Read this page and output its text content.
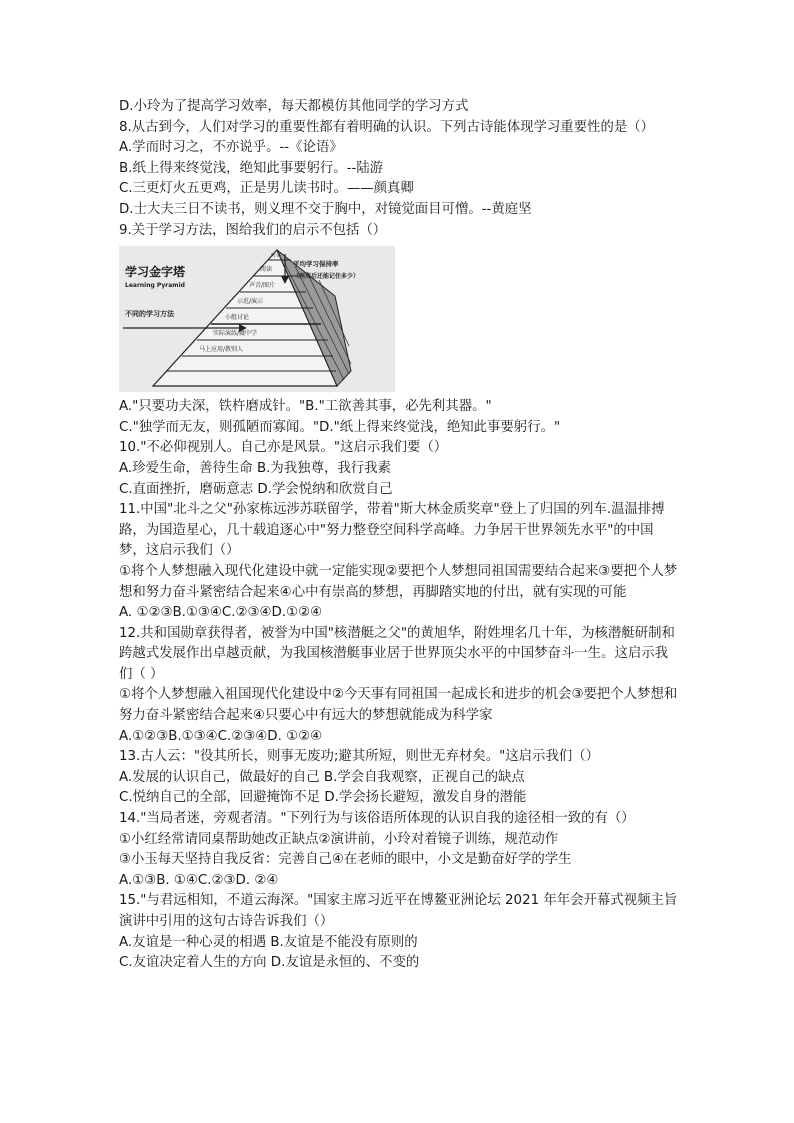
D.小玲为了提高学习效率，每天都模仿其他同学的学习方式
8.从古到今，人们对学习的重要性都有着明确的认识。下列古诗能体现学习重要性的是（）
A.学而时习之，不亦说乎。--《论语》
B.纸上得来终觉浅，绝知此事要躬行。--陆游
C.三更灯火五更鸡，正是男儿读书时。——颜真卿
D.士大夫三日不读书，则义理不交于胸中，对镜觉面目可憎。--黄庭坚
9.关于学习方法，图给我们的启示不包括（）
学习金字塔
Learning Pyramid
不同的学习方法
平均学习保持率
（两周后还能记住多少）
听讲
阅读
声音/图片
示范/演示
小组讨论
实际演练/做中学
马上应用/教别人
A."只要功夫深，铁杵磨成针。"B."工欲善其事，必先利其器。"
C."独学而无友，则孤陋而寡闻。"D."纸上得来终觉浅，绝知此事要躬行。"
10."不必仰视别人。自己亦是风景。"这启示我们要（）
A.珍爱生命，善待生命 B.为我独尊，我行我素
C.直面挫折，磨砺意志 D.学会悦纳和欣赏自己
11.中国"北斗之父"孙家栋远涉苏联留学，带着"斯大林金质奖章"登上了归国的列车.温温排搏路，为国造星心，几十载追逐心中"努力整登空间科学高峰。力争居干世界领先水平"的中国梦，这启示我们（）
①将个人梦想融入现代化建设中就一定能实现②要把个人梦想同祖国需要结合起来③要把个人梦想和努力奋斗紧密结合起来④心中有崇高的梦想，再脚踏实地的付出，就有实现的可能
A. ①②③B.①③④C.②③④D.①②④
12.共和国勋章获得者，被誉为中国"核潜艇之父"的黄旭华，附姓埋名几十年，为核潜艇研制和跨越式发展作出卓越贡献，为我国核潜艇事业居于世界顶尖水平的中国梦奋斗一生。这启示我们（ ）
①将个人梦想融入祖国现代化建设中②今天事有同祖国一起成长和进步的机会③要把个人梦想和努力奋斗紧密结合起来④只要心中有远大的梦想就能成为科学家
A.①②③B.①③④C.②③④D. ①②④
13.古人云："役其所长，则事无废功;避其所短，则世无弃材矣。"这启示我们（）
A.发展的认识自己，做最好的自己 B.学会自我观察，正视自己的缺点
C.悦纳自己的全部，回避掩饰不足 D.学会扬长避短，激发自身的潜能
14."当局者迷，旁观者清。"下列行为与该俗语所体现的认识自我的途径相一致的有（）
①小红经常请同桌帮助她改正缺点②演讲前，小玲对着镜子训练，规范动作
③小玉每天坚持自我反省：完善自己④在老师的眼中，小文是勤奋好学的学生
A.①③B. ①④C.②③D. ②④
15."与君远相知，不道云海深。"国家主席习近平在博鳌亚洲论坛 2021 年年会开幕式视频主旨演讲中引用的这句古诗告诉我们（）
A.友谊是一种心灵的相遇 B.友谊是不能没有原则的
C.友谊决定着人生的方向 D.友谊是永恒的、不变的
